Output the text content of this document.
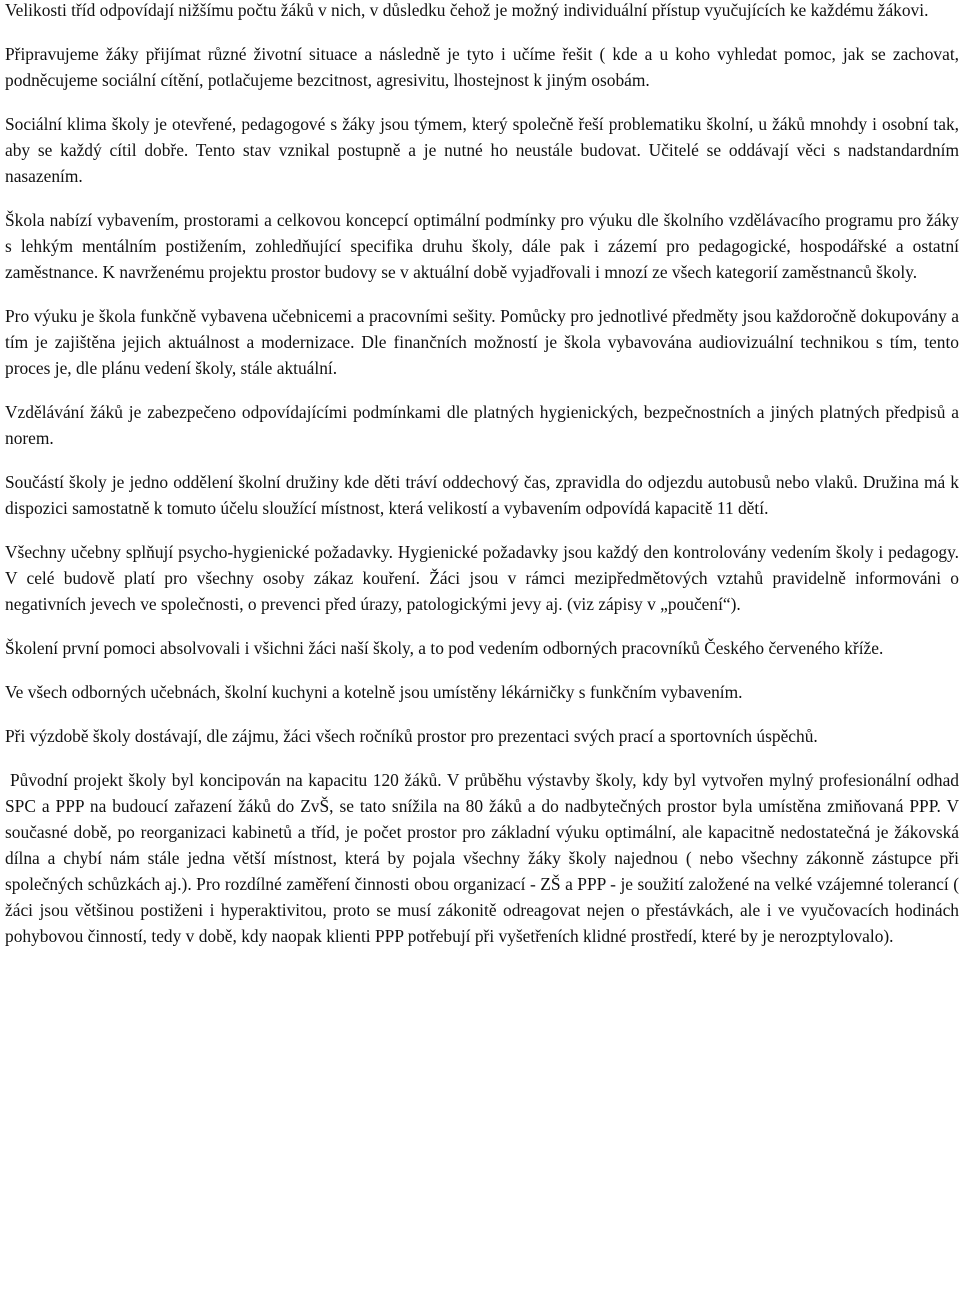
Velikosti tříd odpovídají nižšímu počtu žáků v nich, v důsledku čehož je možný individuální přístup vyučujících ke každému žákovi.

Připravujeme žáky přijímat různé životní situace a následně je tyto i učíme řešit ( kde a u koho vyhledat pomoc, jak se zachovat, podněcujeme sociální cítění, potlačujeme bezcitnost, agresivitu, lhostejnost k jiným osobám.

Sociální klima školy je otevřené, pedagogové s žáky jsou týmem, který společně řeší problematiku školní, u žáků mnohdy i osobní tak, aby se každý cítil dobře. Tento stav vznikal postupně a je nutné ho neustále budovat. Učitelé se oddávají věci s nadstandardním nasazením.

Škola nabízí vybavením, prostorami a celkovou koncepcí optimální podmínky pro výuku dle školního vzdělávacího programu pro žáky s lehkým mentálním postižením, zohledňující specifika druhu školy, dále pak i zázemí pro pedagogické, hospodářské a ostatní zaměstnance. K navrženému projektu prostor budovy se v aktuální době vyjadřovali i mnozí ze všech kategorií zaměstnanců školy.

Pro výuku je škola funkčně vybavena učebnicemi a pracovními sešity. Pomůcky pro jednotlivé předměty jsou každoročně dokupovány a tím je zajištěna jejich aktuálnost a modernizace. Dle finančních možností je škola vybavována audiovizuální technikou s tím, tento proces je, dle plánu vedení školy, stále aktuální.

Vzdělávání žáků je zabezpečeno odpovídajícími podmínkami dle platných hygienických, bezpečnostních a jiných platných předpisů a norem.

Součástí školy je jedno oddělení školní družiny kde děti tráví oddechový čas, zpravidla do odjezdu autobusů nebo vlaků. Družina má k dispozici samostatně k tomuto účelu sloužící místnost, která velikostí a vybavením odpovídá kapacitě 11 dětí.

Všechny učebny splňují psycho-hygienické požadavky. Hygienické požadavky jsou každý den kontrolovány vedením školy i pedagogy. V celé budově platí pro všechny osoby zákaz kouření. Žáci jsou v rámci mezipředmětových vztahů pravidelně informováni o negativních jevech ve společnosti, o prevenci před úrazy, patologickými jevy aj. (viz zápisy v „poučení“).

Školení první pomoci absolvovali i všichni žáci naší školy, a to pod vedením odborných pracovníků Českého červeného kříže.

Ve všech odborných učebnách, školní kuchyni a kotelně jsou umístěny lékárničky s funkčním vybavením.

Při výzdobě školy dostávají, dle zájmu, žáci všech ročníků prostor pro prezentaci svých prací a sportovních úspěchů.

Původní projekt školy byl koncipován na kapacitu 120 žáků. V průběhu výstavby školy, kdy byl vytvořen mylný profesionální odhad SPC a PPP na budoucí zařazení žáků do ZvŠ, se tato snížila na 80 žáků a do nadbytečných prostor byla umístěna zmiňovaná PPP. V současné době, po reorganizaci kabinetů a tříd, je počet prostor pro základní výuku optimální, ale kapacitně nedostatečná je žákovská dílna a chybí nám stále jedna větší místnost, která by pojala všechny žáky školy najednou ( nebo všechny zákonně zástupce při společných schůzkách aj.). Pro rozdílné zaměření činnosti obou organizací - ZŠ a PPP - je soužití založené na velké vzájemné tolerancí ( žáci jsou většinou postiženi i hyperaktivitou, proto se musí zákonitě odreagovat nejen o přestávkách, ale i ve vyučovacích hodinách pohybovou činností, tedy v době, kdy naopak klienti PPP potřebují při vyšetřeních klidné prostředí, které by je nerozptylovalo).
